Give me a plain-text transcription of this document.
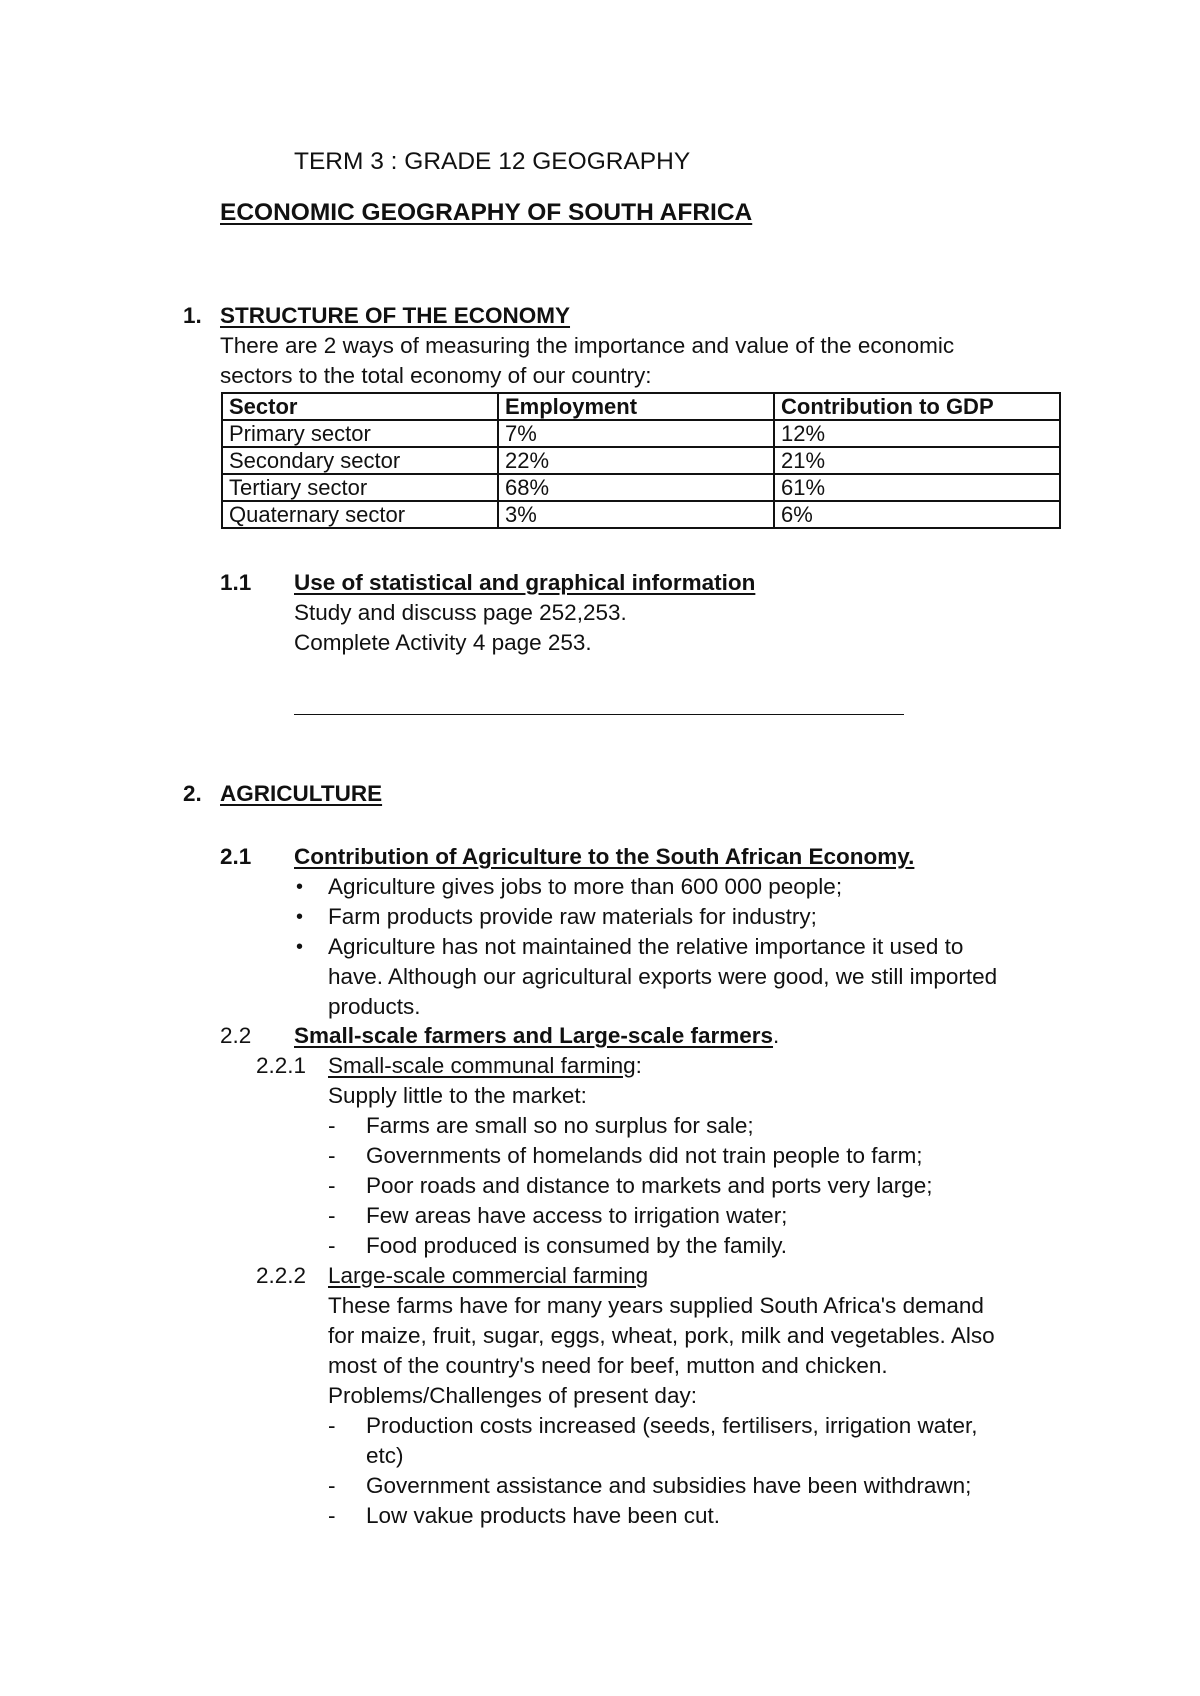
TERM 3 : GRADE 12 GEOGRAPHY
ECONOMIC GEOGRAPHY OF SOUTH AFRICA
1. STRUCTURE OF THE ECONOMY
There are 2 ways of measuring the importance and value of the economic
sectors to the total economy of our country:
Sector	Employment	Contribution to GDP
Primary sector	7%	12%
Secondary sector	22%	21%
Tertiary sector	68%	61%
Quaternary sector	3%	6%
1.1 Use of statistical and graphical information
Study and discuss page 252,253.
Complete Activity 4 page 253.
2. AGRICULTURE
2.1 Contribution of Agriculture to the South African Economy.
• Agriculture gives jobs to more than 600 000 people;
• Farm products provide raw materials for industry;
• Agriculture has not maintained the relative importance it used to
have. Although our agricultural exports were good, we still imported
products.
2.2 Small-scale farmers and Large-scale farmers.
2.2.1 Small-scale communal farming:
Supply little to the market:
- Farms are small so no surplus for sale;
- Governments of homelands did not train people to farm;
- Poor roads and distance to markets and ports very large;
- Few areas have access to irrigation water;
- Food produced is consumed by the family.
2.2.2 Large-scale commercial farming
These farms have for many years supplied South Africa's demand
for maize, fruit, sugar, eggs, wheat, pork, milk and vegetables. Also
most of the country's need for beef, mutton and chicken.
Problems/Challenges of present day:
- Production costs increased (seeds, fertilisers, irrigation water,
etc)
- Government assistance and subsidies have been withdrawn;
- Low vakue products have been cut.
